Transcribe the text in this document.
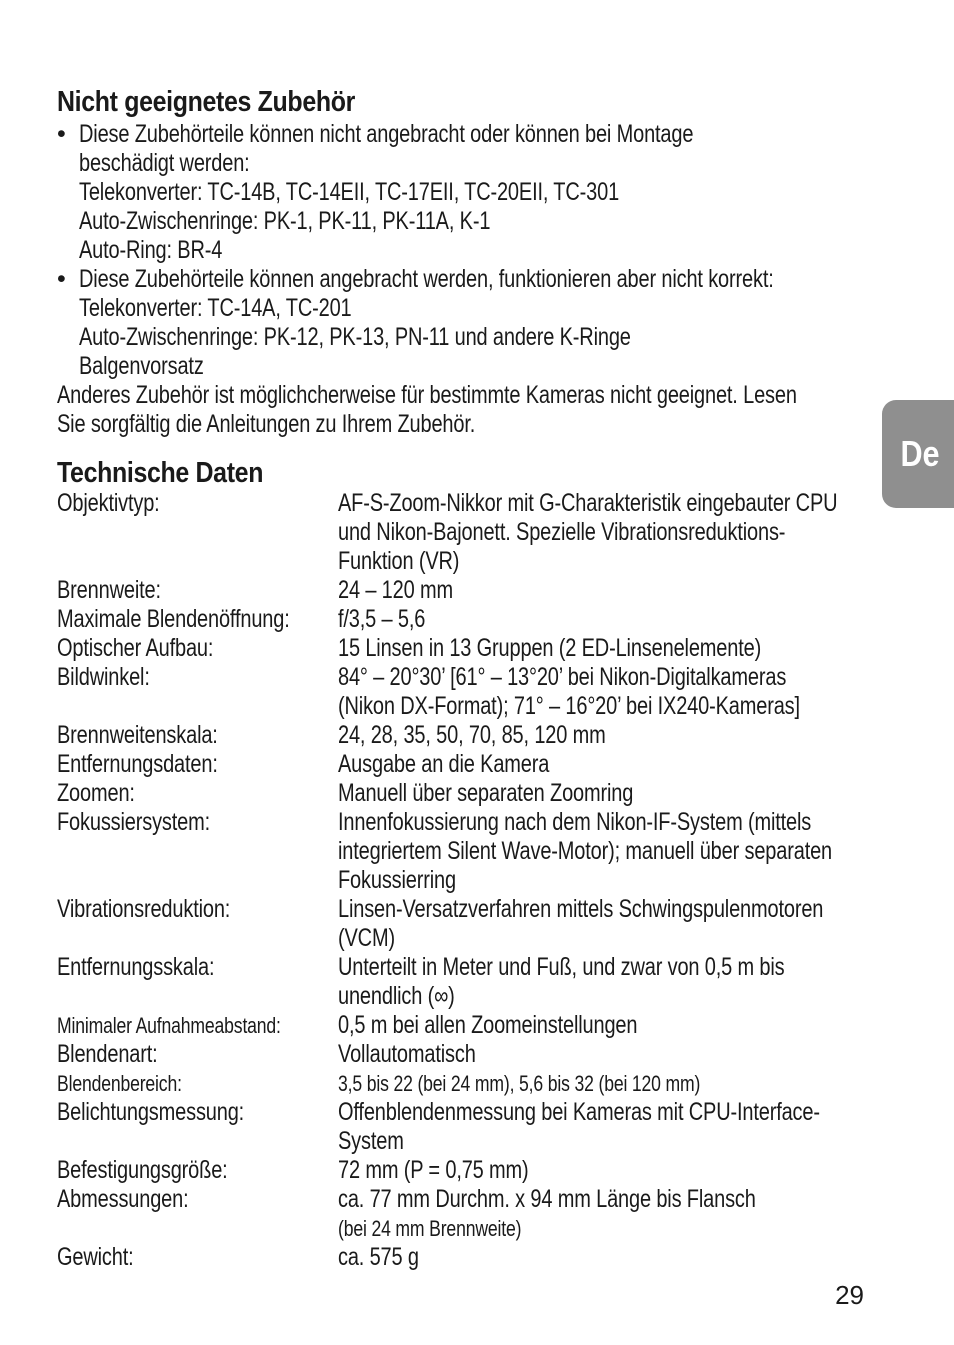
Nicht geeignetes Zubehör
• Diese Zubehörteile können nicht angebracht oder können bei Montage
beschädigt werden:
Telekonverter: TC-14B, TC-14EII, TC-17EII, TC-20EII, TC-301
Auto-Zwischenringe: PK-1, PK-11, PK-11A, K-1
Auto-Ring: BR-4
• Diese Zubehörteile können angebracht werden, funktionieren aber nicht korrekt:
Telekonverter: TC-14A, TC-201
Auto-Zwischenringe: PK-12, PK-13, PN-11 und andere K-Ringe
Balgenvorsatz
Anderes Zubehör ist möglichcherweise für bestimmte Kameras nicht geeignet. Lesen
Sie sorgfältig die Anleitungen zu Ihrem Zubehör.
Technische Daten
Objektivtyp:	AF-S-Zoom-Nikkor mit G-Charakteristik eingebauter CPU
und Nikon-Bajonett. Spezielle Vibrationsreduktions-
Funktion (VR)
Brennweite:	24 – 120 mm
Maximale Blendenöffnung: f/3,5 – 5,6
Optischer Aufbau:	15 Linsen in 13 Gruppen (2 ED-Linsenelemente)
Bildwinkel:	84° – 20°30’ [61° – 13°20’ bei Nikon-Digitalkameras
(Nikon DX-Format); 71° – 16°20’ bei IX240-Kameras]
Brennweitenskala:	24, 28, 35, 50, 70, 85, 120 mm
Entfernungsdaten:	Ausgabe an die Kamera
Zoomen:	Manuell über separaten Zoomring
Fokussiersystem:	Innenfokussierung nach dem Nikon-IF-System (mittels
integriertem Silent Wave-Motor); manuell über separaten
Fokussierring
Vibrationsreduktion:	Linsen-Versatzverfahren mittels Schwingspulenmotoren
(VCM)
Entfernungsskala:	Unterteilt in Meter und Fuß, und zwar von 0,5 m bis
unendlich (∞)
Minimaler Aufnahmeabstand: 0,5 m bei allen Zoomeinstellungen
Blendenart:	Vollautomatisch
Blendenbereich:	3,5 bis 22 (bei 24 mm), 5,6 bis 32 (bei 120 mm)
Belichtungsmessung:	Offenblendenmessung bei Kameras mit CPU-Interface-
System
Befestigungsgröße:	72 mm (P = 0,75 mm)
Abmessungen:	ca. 77 mm Durchm. x 94 mm Länge bis Flansch
(bei 24 mm Brennweite)
Gewicht:	ca. 575 g
De
29
